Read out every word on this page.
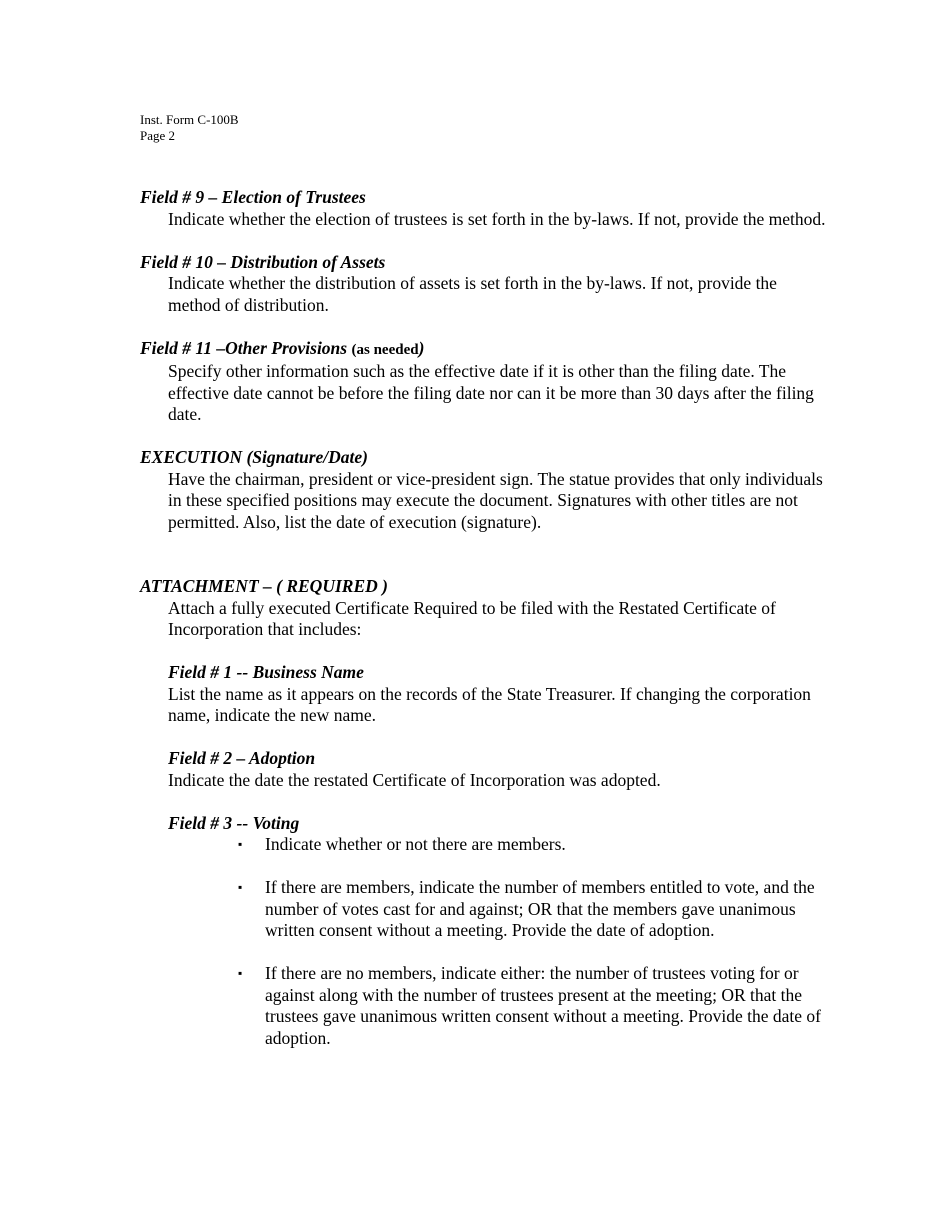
Inst. Form C-100B
Page 2

Field # 9 – Election of Trustees

Indicate whether the election of trustees is set forth in the by-laws. If not, provide the method.

Field # 10 – Distribution of Assets

Indicate whether the distribution of assets is set forth in the by-laws. If not, provide the method of distribution.

Field # 11 –Other Provisions (as needed)

Specify other information such as the effective date if it is other than the filing date. The effective date cannot be before the filing date nor can it be more than 30 days after the filing date.

EXECUTION (Signature/Date)

Have the chairman, president or vice-president sign. The statue provides that only individuals in these specified positions may execute the document. Signatures with other titles are not permitted. Also, list the date of execution (signature).

ATTACHMENT – ( REQUIRED )

Attach a fully executed Certificate Required to be filed with the Restated Certificate of Incorporation that includes:

Field # 1 -- Business Name
List the name as it appears on the records of the State Treasurer. If changing the corporation name, indicate the new name.
Field # 2 – Adoption
Indicate the date the restated Certificate of Incorporation was adopted.
Field # 3 -- Voting
▪ Indicate whether or not there are members.
▪ If there are members, indicate the number of members entitled to vote, and the number of votes cast for and against; OR that the members gave unanimous written consent without a meeting. Provide the date of adoption.
▪ If there are no members, indicate either: the number of trustees voting for or against along with the number of trustees present at the meeting; OR that the trustees gave unanimous written consent without a meeting. Provide the date of adoption.
